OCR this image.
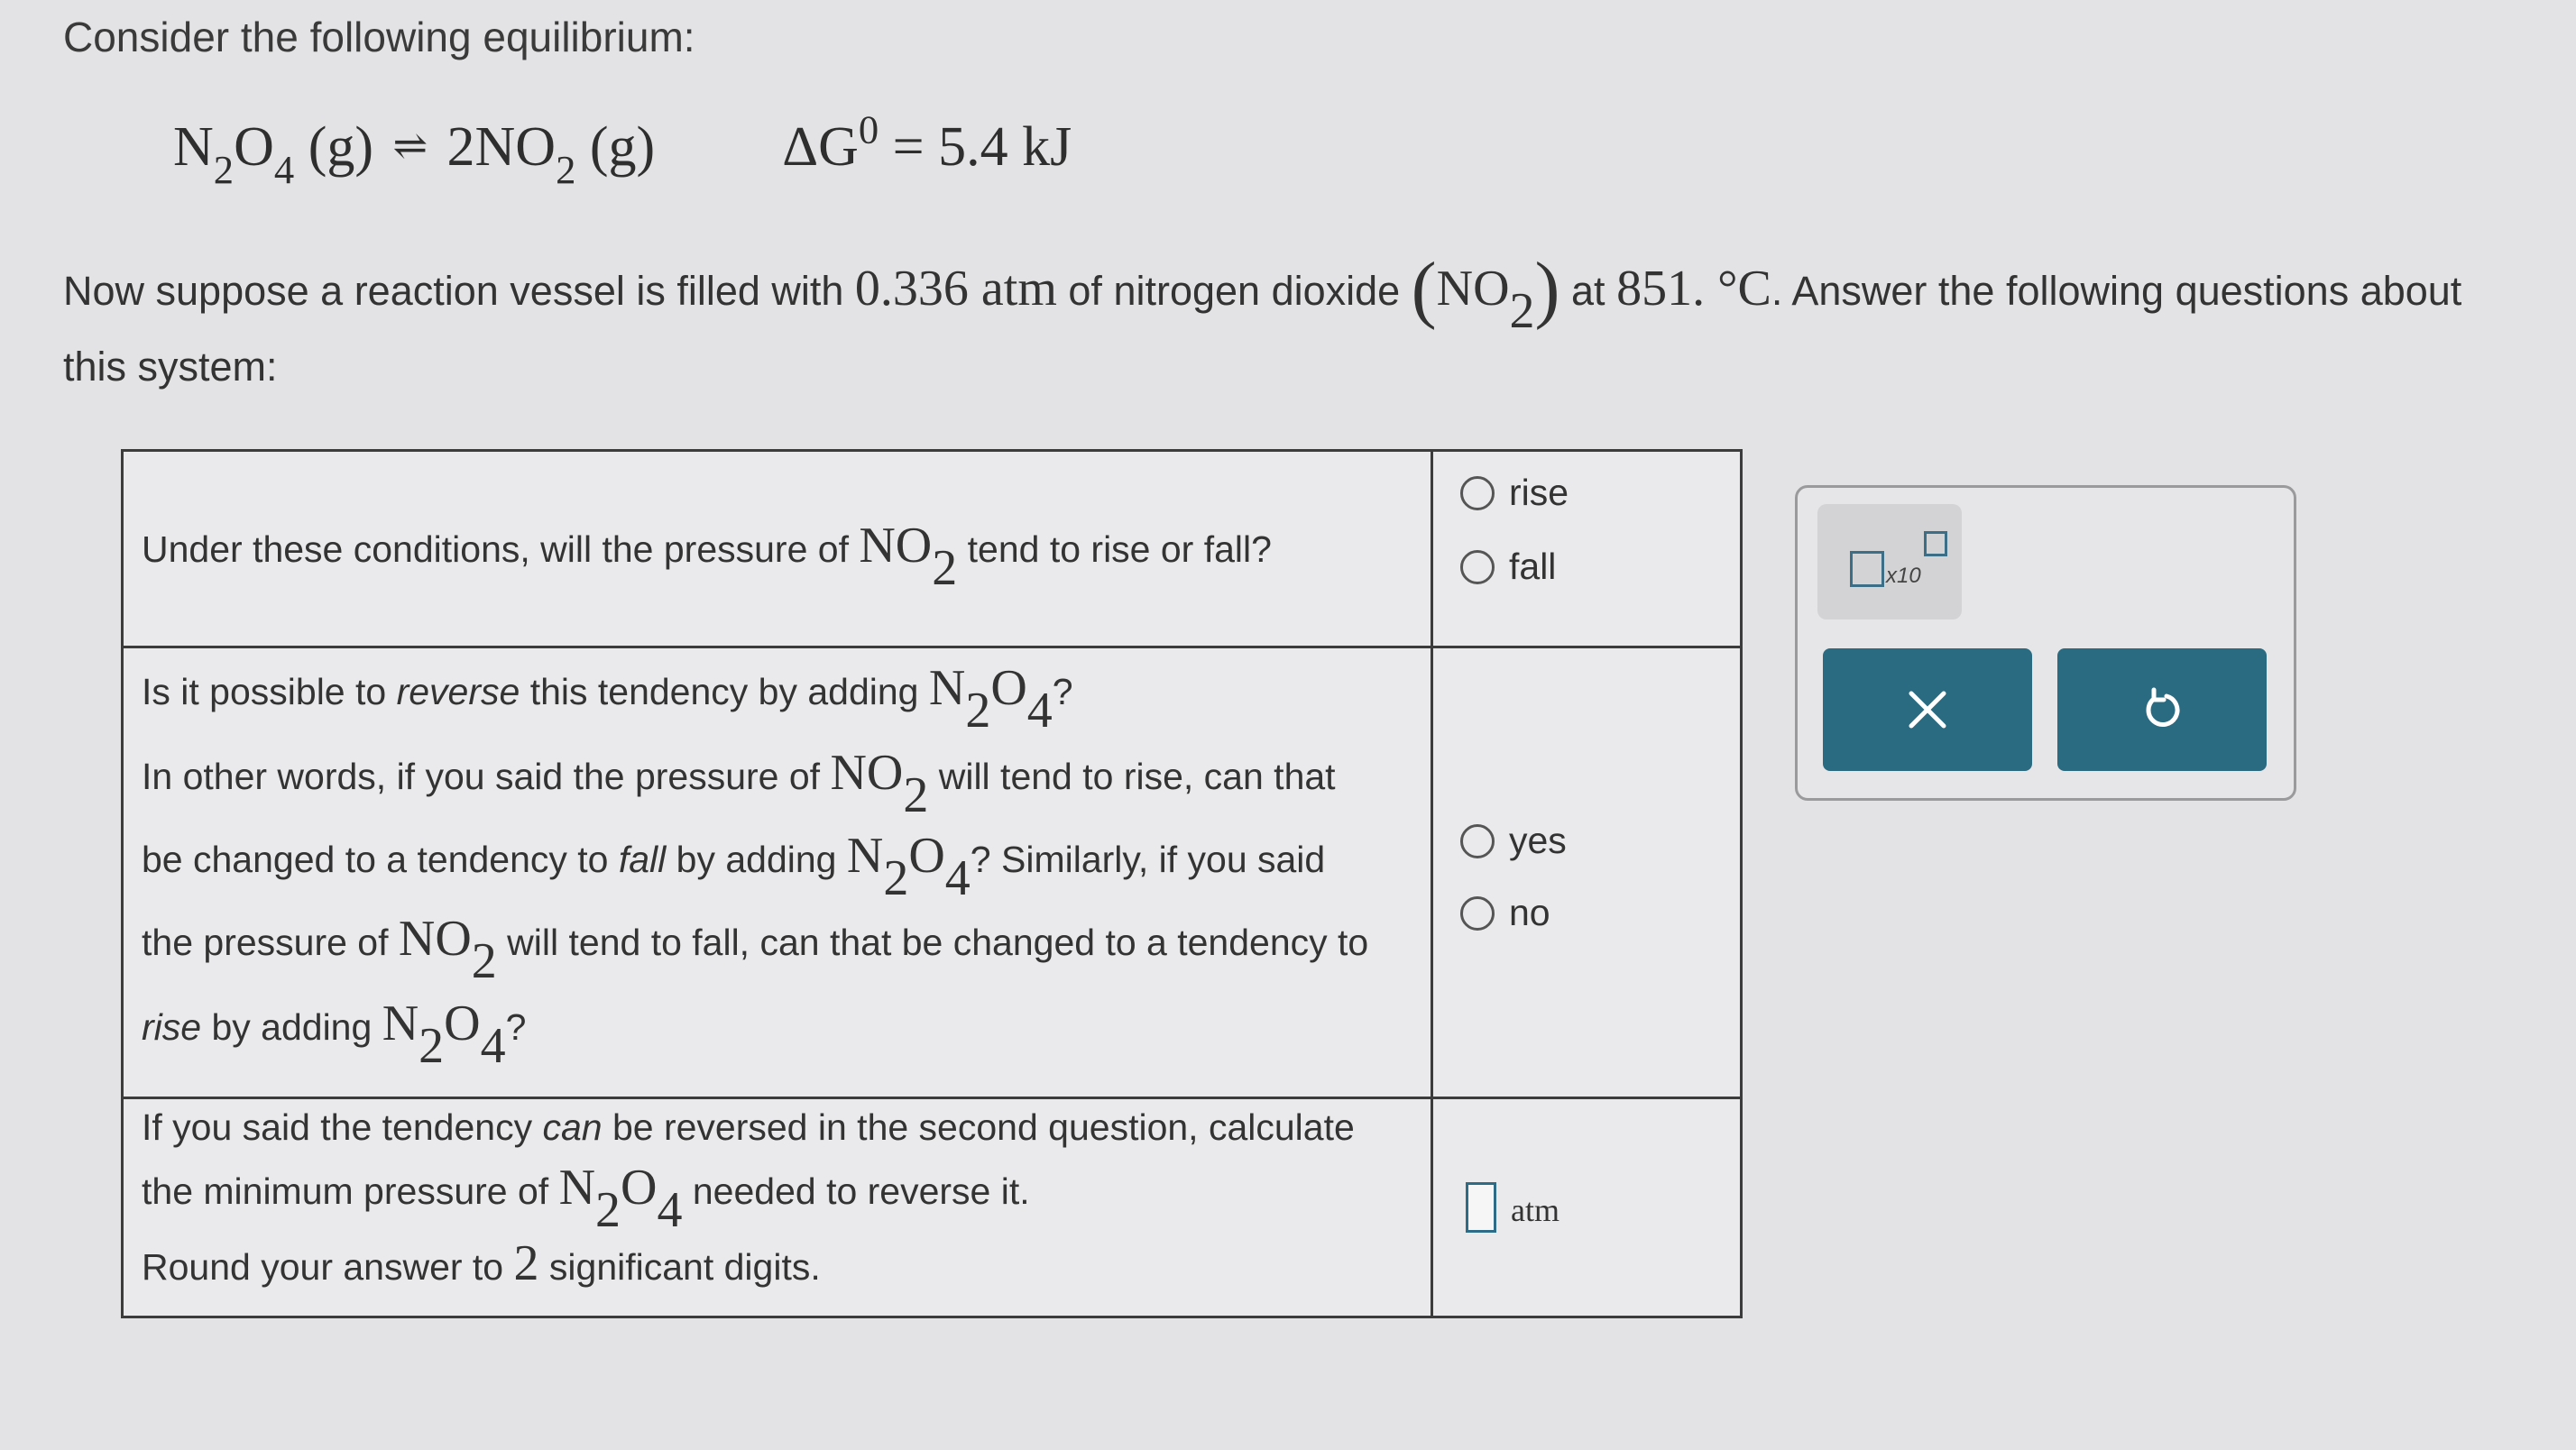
Consider the following equilibrium:
$N_2O_4$ (g) ⇌ $2NO_2$ (g) $\Delta G^0 = 5.4$ kJ
Now suppose a reaction vessel is filled with 0.336 atm of nitrogen dioxide $(NO_2)$ at 851. °C. Answer the following questions about this system:
Under these conditions, will the pressure of $NO_2$ tend to rise or fall?
rise
fall
Is it possible to reverse this tendency by adding $N_2O_4$?
In other words, if you said the pressure of $NO_2$ will tend to rise, can that
be changed to a tendency to fall by adding $N_2O_4$? Similarly, if you said
the pressure of $NO_2$ will tend to fall, can that be changed to a tendency to
rise by adding $N_2O_4$?
yes
no
If you said the tendency can be reversed in the second question, calculate
the minimum pressure of $N_2O_4$ needed to reverse it.
Round your answer to 2 significant digits.
atm
x10
